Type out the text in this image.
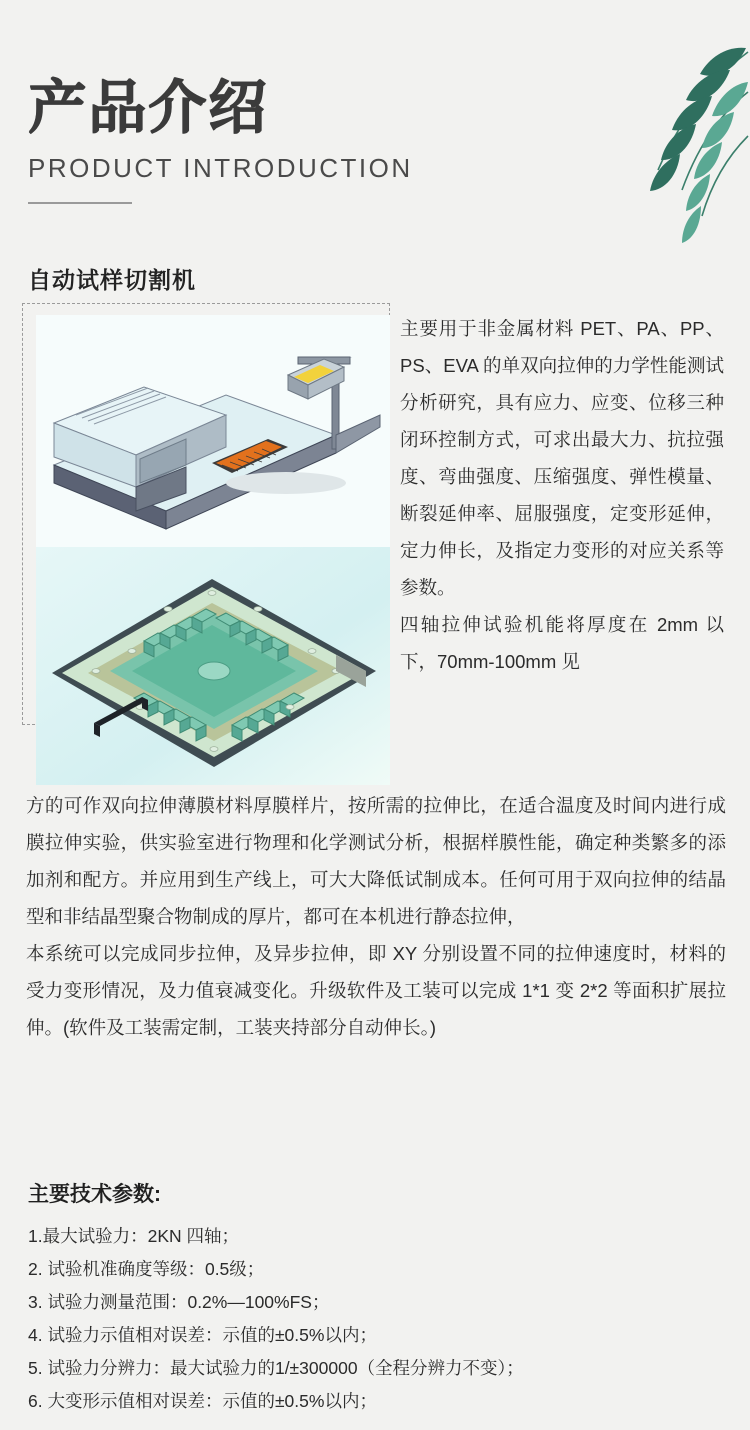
产品介绍
PRODUCT INTRODUCTION
自动试样切割机

主要用于非金属材料 PET、PA、PP、PS、EVA 的单双向拉伸的力学性能测试分析研究，具有应力、应变、位移三种闭环控制方式，可求出最大力、抗拉强度、弯曲强度、压缩强度、弹性模量、断裂延伸率、屈服强度，定变形延伸，定力伸长，及指定力变形的对应关系等参数。

四轴拉伸试验机能将厚度在 2mm 以下，70mm-100mm 见

方的可作双向拉伸薄膜材料厚膜样片，按所需的拉伸比，在适合温度及时间内进行成膜拉伸实验，供实验室进行物理和化学测试分析，根据样膜性能，确定种类繁多的添加剂和配方。并应用到生产线上，可大大降低试制成本。任何可用于双向拉伸的结晶型和非结晶型聚合物制成的厚片，都可在本机进行静态拉伸，

本系统可以完成同步拉伸，及异步拉伸，即 XY 分别设置不同的拉伸速度时，材料的受力变形情况，及力值衰减变化。升级软件及工装可以完成 1*1 变 2*2 等面积扩展拉伸。(软件及工装需定制，工装夹持部分自动伸长。)

主要技术参数:
1.最大试验力：2KN 四轴；
2. 试验机准确度等级：0.5级；
3. 试验力测量范围：0.2%—100%FS；
4. 试验力示值相对误差：示值的±0.5%以内；
5. 试验力分辨力：最大试验力的1/±300000（全程分辨力不变）；
6. 大变形示值相对误差：示值的±0.5%以内；
